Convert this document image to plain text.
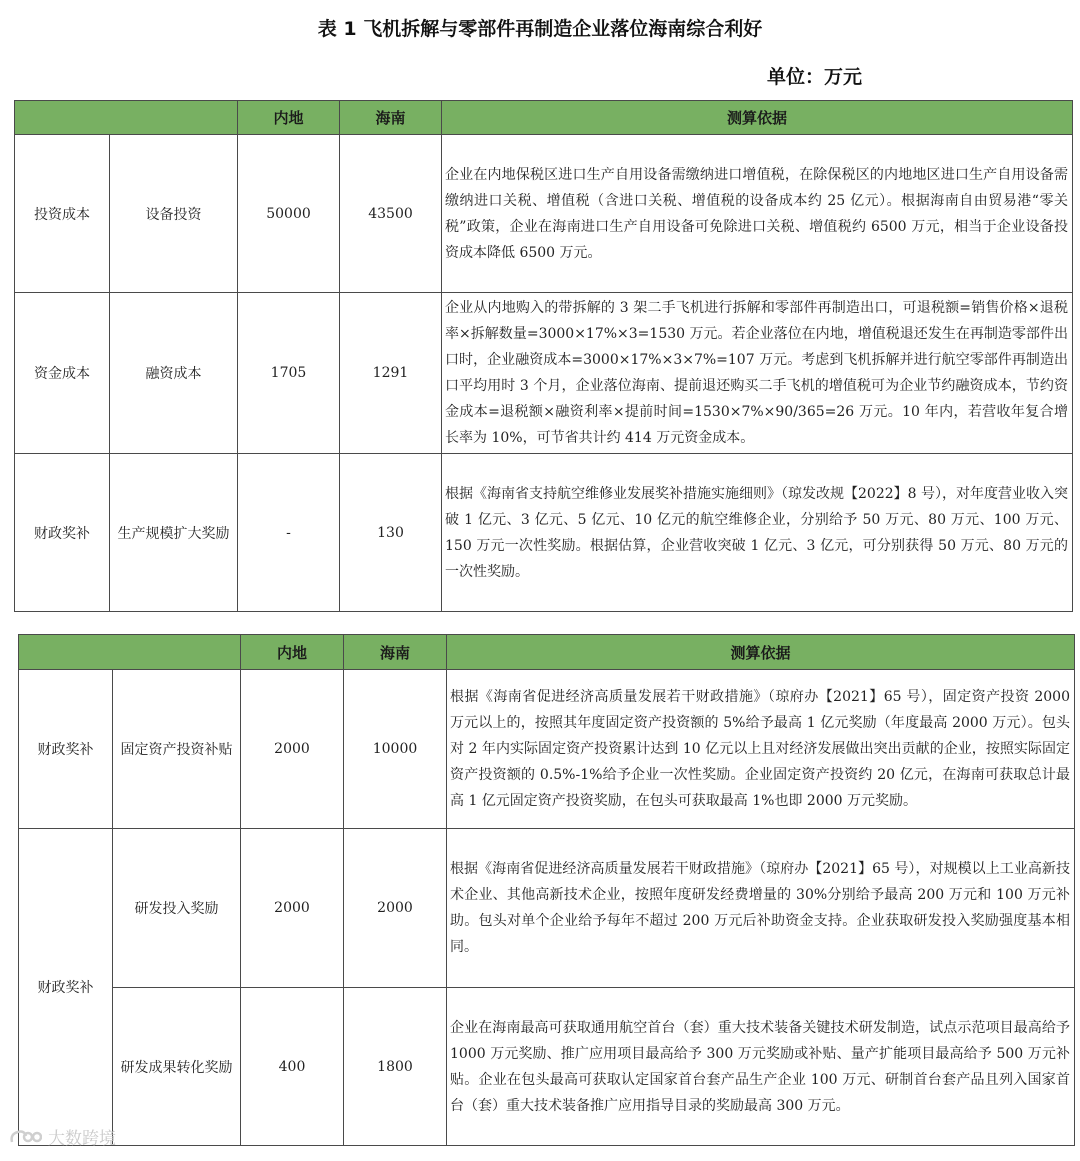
表 1 飞机拆解与零部件再制造企业落位海南综合利好
单位：万元
		内地	海南	测算依据
投资成本	设备投资	50000	43500	企业在内地保税区进口生产自用设备需缴纳进口增值税，在除保税区的内地地区进口生产自用设备需缴纳进口关税、增值税（含进口关税、增值税的设备成本约 25 亿元）。根据海南自由贸易港“零关税”政策，企业在海南进口生产自用设备可免除进口关税、增值税约 6500 万元，相当于企业设备投资成本降低 6500 万元。
资金成本	融资成本	1705	1291	企业从内地购入的带拆解的 3 架二手飞机进行拆解和零部件再制造出口，可退税额=销售价格×退税率×拆解数量=3000×17%×3=1530 万元。若企业落位在内地，增值税退还发生在再制造零部件出口时，企业融资成本=3000×17%×3×7%=107 万元。考虑到飞机拆解并进行航空零部件再制造出口平均用时 3 个月，企业落位海南、提前退还购买二手飞机的增值税可为企业节约融资成本，节约资金成本=退税额×融资利率×提前时间=1530×7%×90/365=26 万元。10 年内，若营收年复合增长率为 10%，可节省共计约 414 万元资金成本。
财政奖补	生产规模扩大奖励	-	130	根据《海南省支持航空维修业发展奖补措施实施细则》（琼发改规【2022】8 号），对年度营业收入突破 1 亿元、3 亿元、5 亿元、10 亿元的航空维修企业，分别给予 50 万元、80 万元、100 万元、150 万元一次性奖励。根据估算，企业营收突破 1 亿元、3 亿元，可分别获得 50 万元、80 万元的一次性奖励。
		内地	海南	测算依据
财政奖补	固定资产投资补贴	2000	10000	根据《海南省促进经济高质量发展若干财政措施》（琼府办【2021】65 号），固定资产投资 2000 万元以上的，按照其年度固定资产投资额的 5%给予最高 1 亿元奖励（年度最高 2000 万元）。包头对 2 年内实际固定资产投资累计达到 10 亿元以上且对经济发展做出突出贡献的企业，按照实际固定资产投资额的 0.5%-1%给予企业一次性奖励。企业固定资产投资约 20 亿元，在海南可获取总计最高 1 亿元固定资产投资奖励，在包头可获取最高 1%也即 2000 万元奖励。
财政奖补	研发投入奖励	2000	2000	根据《海南省促进经济高质量发展若干财政措施》（琼府办【2021】65 号），对规模以上工业高新技术企业、其他高新技术企业，按照年度研发经费增量的 30%分别给予最高 200 万元和 100 万元补助。包头对单个企业给予每年不超过 200 万元后补助资金支持。企业获取研发投入奖励强度基本相同。
	研发成果转化奖励	400	1800	企业在海南最高可获取通用航空首台（套）重大技术装备关键技术研发制造，试点示范项目最高给予 1000 万元奖励、推广应用项目最高给予 300 万元奖励或补贴、量产扩能项目最高给予 500 万元补贴。企业在包头最高可获取认定国家首台套产品生产企业 100 万元、研制首台套产品且列入国家首台（套）重大技术装备推广应用指导目录的奖励最高 300 万元。
大数跨境
